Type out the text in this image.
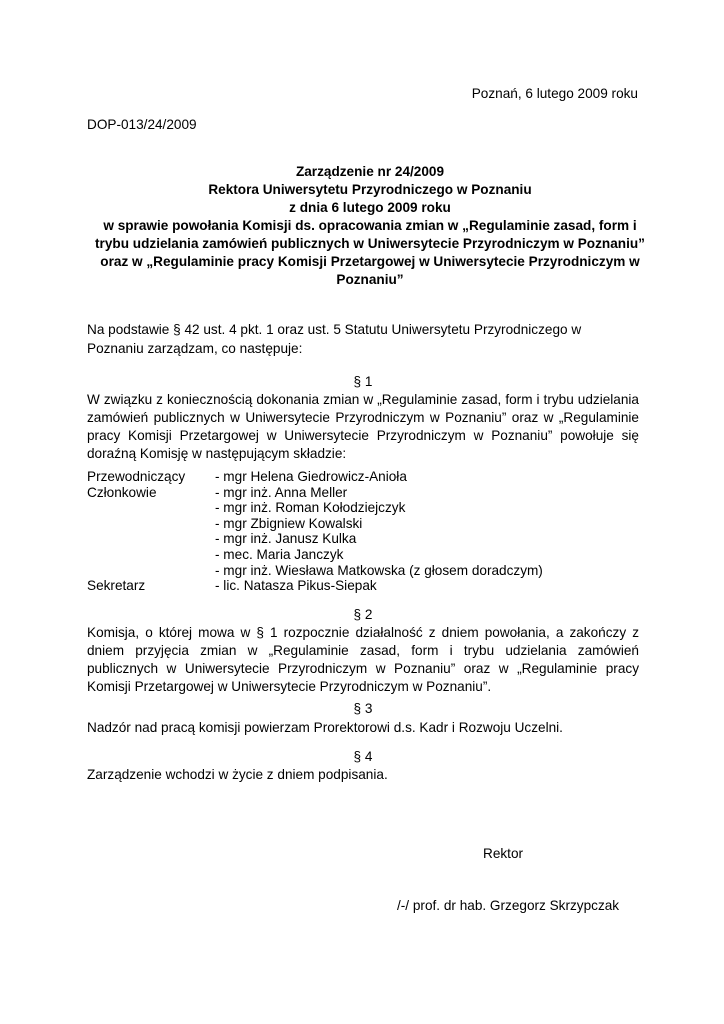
Poznań, 6 lutego 2009 roku
DOP-013/24/2009
Zarządzenie nr 24/2009
Rektora Uniwersytetu Przyrodniczego w Poznaniu
z dnia 6 lutego 2009 roku
w sprawie powołania Komisji ds. opracowania zmian w „Regulaminie zasad, form i
trybu udzielania zamówień publicznych w Uniwersytecie Przyrodniczym w Poznaniu”
oraz w „Regulaminie pracy Komisji Przetargowej w Uniwersytecie Przyrodniczym w
Poznaniu”
Na podstawie § 42 ust. 4 pkt. 1 oraz ust. 5 Statutu Uniwersytetu Przyrodniczego w Poznaniu zarządzam, co następuje:
§ 1
W związku z koniecznością dokonania zmian w „Regulaminie zasad, form i trybu udzielania zamówień publicznych w Uniwersytecie Przyrodniczym w Poznaniu” oraz w „Regulaminie pracy Komisji Przetargowej w Uniwersytecie Przyrodniczym w Poznaniu” powołuje się doraźną Komisję w następującym składzie:
Przewodniczący	- mgr Helena Giedrowicz-Anioła
Członkowie	- mgr inż. Anna Meller
- mgr inż. Roman Kołodziejczyk
- mgr Zbigniew Kowalski
- mgr inż. Janusz Kulka
- mec. Maria Janczyk
- mgr inż. Wiesława Matkowska (z głosem doradczym)
Sekretarz	- lic. Natasza Pikus-Siepak
§ 2
Komisja, o której mowa w § 1 rozpocznie działalność z dniem powołania, a zakończy z dniem przyjęcia zmian w „Regulaminie zasad, form i trybu udzielania zamówień publicznych w Uniwersytecie Przyrodniczym w Poznaniu” oraz w „Regulaminie pracy Komisji Przetargowej w Uniwersytecie Przyrodniczym w Poznaniu”.
§ 3
Nadzór nad pracą komisji powierzam Prorektorowi d.s. Kadr i Rozwoju Uczelni.
§ 4
Zarządzenie wchodzi w życie z dniem podpisania.
Rektor
/-/ prof. dr hab. Grzegorz Skrzypczak
